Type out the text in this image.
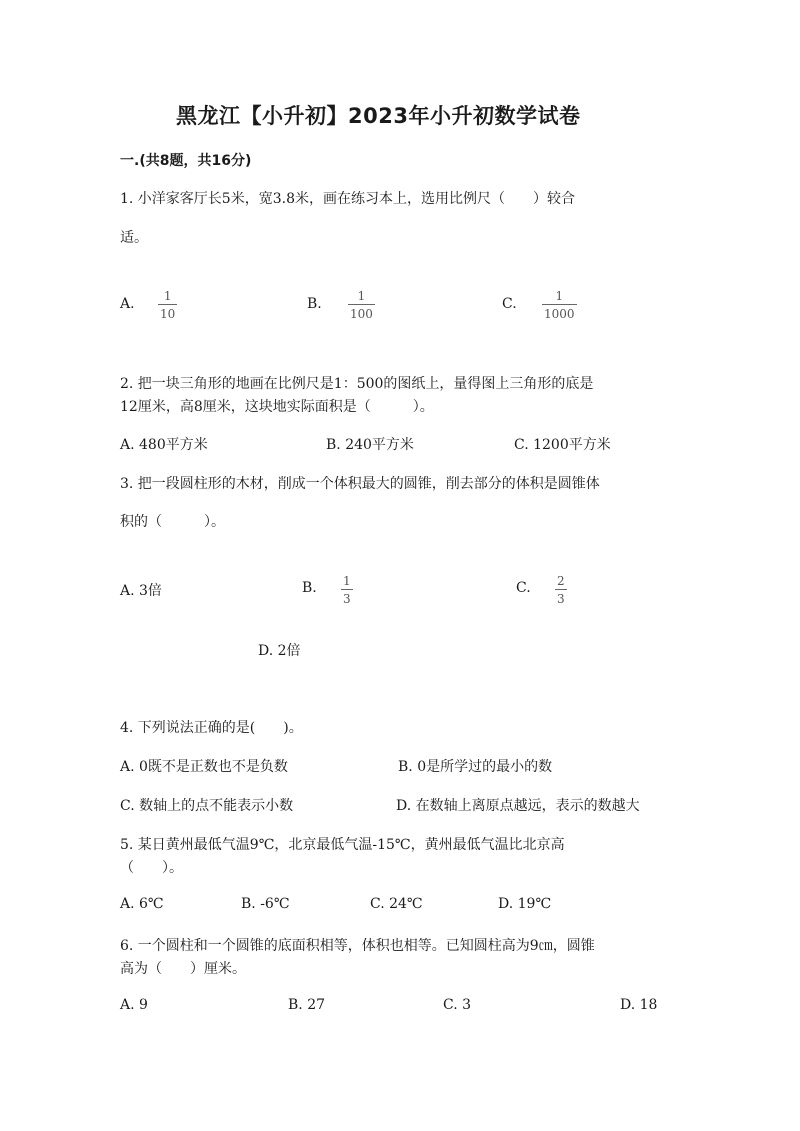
黑龙江【小升初】2023年小升初数学试卷
一.(共8题，共16分)
1. 小洋家客厅长5米，宽3.8米，画在练习本上，选用比例尺（　　）较合
适。
A.	1
10
B.	1
100
C.	1
1000
2. 把一块三角形的地画在比例尺是1：500的图纸上，量得图上三角形的底是
12厘米，高8厘米，这块地实际面积是（　　　）。
A. 480平方米	B. 240平方米	C. 1200平方米
3. 把一段圆柱形的木材，削成一个体积最大的圆锥，削去部分的体积是圆锥体
积的（　　　）。
A. 3倍	B. 1
3
C. 2
3
D. 2倍
4. 下列说法正确的是(　　)。
A. 0既不是正数也不是负数	B. 0是所学过的最小的数
C. 数轴上的点不能表示小数	D. 在数轴上离原点越远，表示的数越大
5. 某日黄州最低气温9℃，北京最低气温-15℃，黄州最低气温比北京高
（　　）。
A. 6℃	B. -6℃	C. 24℃	D. 19℃
6. 一个圆柱和一个圆锥的底面积相等，体积也相等。已知圆柱高为9㎝，圆锥
高为（　　）厘米。
A. 9	B. 27	C. 3	D. 18
